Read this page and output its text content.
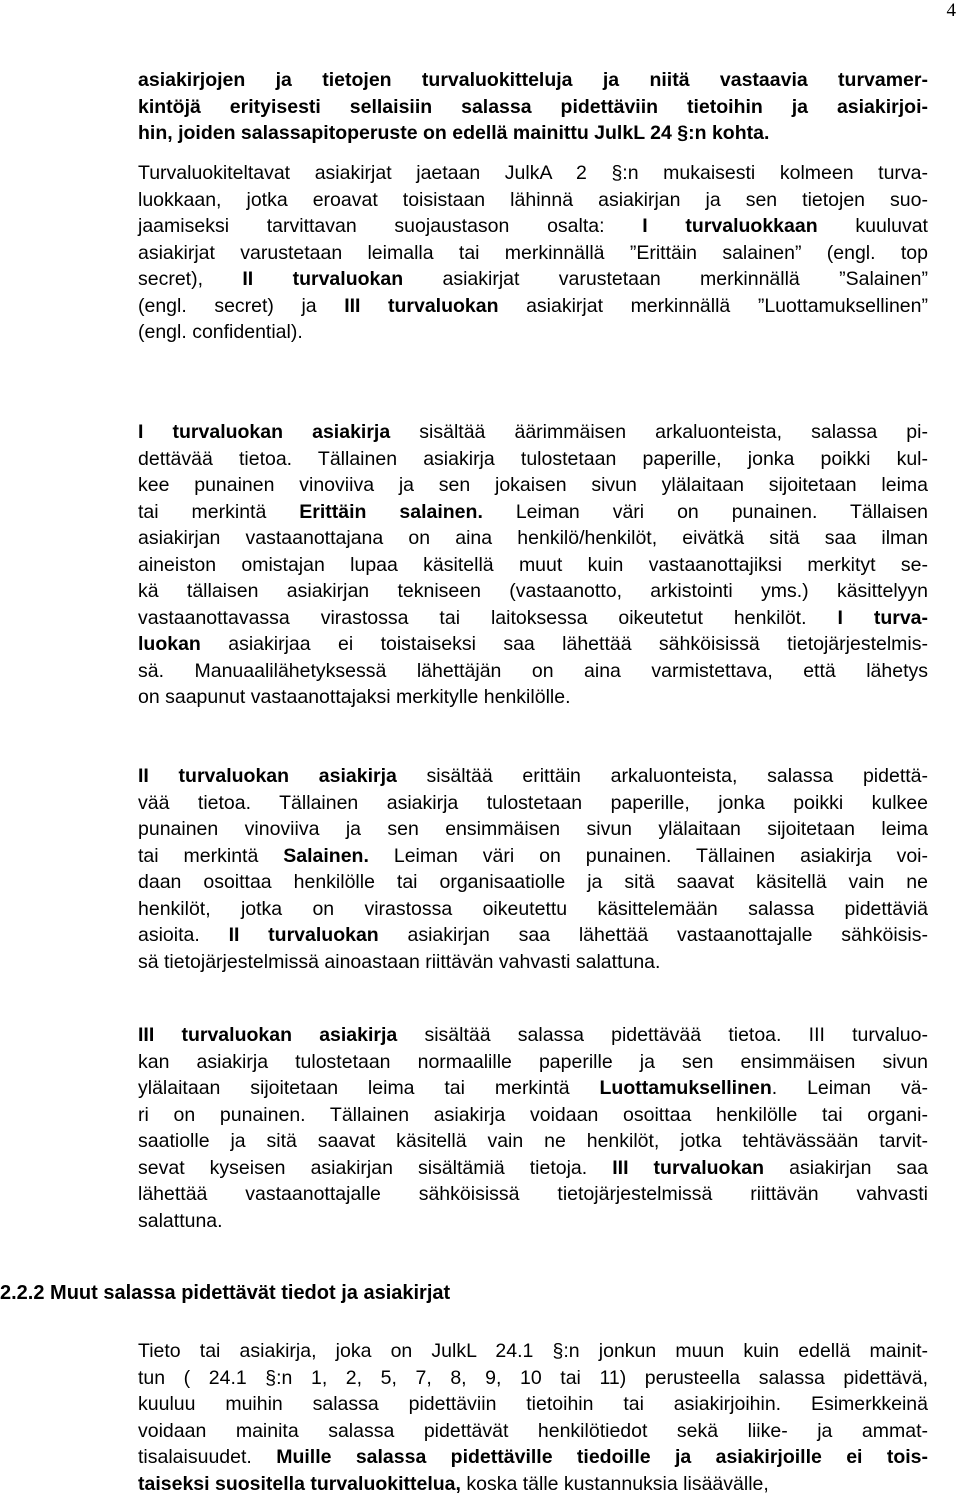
4
asiakirjojen ja tietojen turvaluokitteluja ja niitä vastaavia turvamer-
kintöjä erityisesti sellaisiin salassa pidettäviin tietoihin ja asiakirjoi-
hin, joiden salassapitoperuste on edellä mainittu JulkL 24 §:n kohta.
Turvaluokiteltavat asiakirjat jaetaan JulkA 2 §:n mukaisesti kolmeen turva-
luokkaan, jotka eroavat toisistaan lähinnä asiakirjan ja sen tietojen suo-
jaamiseksi tarvittavan suojaustason osalta: I turvaluokkaan kuuluvat
asiakirjat varustetaan leimalla tai merkinnällä ”Erittäin salainen” (engl. top
secret), II turvaluokan asiakirjat varustetaan merkinnällä ”Salainen”
(engl. secret) ja III turvaluokan asiakirjat merkinnällä ”Luottamuksellinen”
(engl. confidential).
I turvaluokan asiakirja sisältää äärimmäisen arkaluonteista, salassa pi-
dettävää tietoa. Tällainen asiakirja tulostetaan paperille, jonka poikki kul-
kee punainen vinoviiva ja sen jokaisen sivun ylälaitaan sijoitetaan leima
tai merkintä Erittäin salainen. Leiman väri on punainen. Tällaisen
asiakirjan vastaanottajana on aina henkilö/henkilöt, eivätkä sitä saa ilman
aineiston omistajan lupaa käsitellä muut kuin vastaanottajiksi merkityt se-
kä tällaisen asiakirjan tekniseen (vastaanotto, arkistointi yms.) käsittelyyn
vastaanottavassa virastossa tai laitoksessa oikeutetut henkilöt. I turva-
luokan asiakirjaa ei toistaiseksi saa lähettää sähköisissä tietojärjestelmis-
sä. Manuaalilähetyksessä lähettäjän on aina varmistettava, että lähetys
on saapunut vastaanottajaksi merkitylle henkilölle.
II turvaluokan asiakirja sisältää erittäin arkaluonteista, salassa pidettä-
vää tietoa. Tällainen asiakirja tulostetaan paperille, jonka poikki kulkee
punainen vinoviiva ja sen ensimmäisen sivun ylälaitaan sijoitetaan leima
tai merkintä Salainen. Leiman väri on punainen. Tällainen asiakirja voi-
daan osoittaa henkilölle tai organisaatiolle ja sitä saavat käsitellä vain ne
henkilöt, jotka on virastossa oikeutettu käsittelemään salassa pidettäviä
asioita. II turvaluokan asiakirjan saa lähettää vastaanottajalle sähköisis-
sä tietojärjestelmissä ainoastaan riittävän vahvasti salattuna.
III turvaluokan asiakirja sisältää salassa pidettävää tietoa. III turvaluo-
kan asiakirja tulostetaan normaalille paperille ja sen ensimmäisen sivun
ylälaitaan sijoitetaan leima tai merkintä Luottamuksellinen. Leiman vä-
ri on punainen. Tällainen asiakirja voidaan osoittaa henkilölle tai organi-
saatiolle ja sitä saavat käsitellä vain ne henkilöt, jotka tehtävässään tarvit-
sevat kyseisen asiakirjan sisältämiä tietoja. III turvaluokan asiakirjan saa
lähettää vastaanottajalle sähköisissä tietojärjestelmissä riittävän vahvasti
salattuna.
2.2.2 Muut salassa pidettävät tiedot ja asiakirjat
Tieto tai asiakirja, joka on JulkL 24.1 §:n jonkun muun kuin edellä mainit-
tun ( 24.1 §:n 1, 2, 5, 7, 8, 9, 10 tai 11) perusteella salassa pidettävä,
kuuluu muihin salassa pidettäviin tietoihin tai asiakirjoihin. Esimerkkeinä
voidaan mainita salassa pidettävät henkilötiedot sekä liike- ja ammat-
tisalaisuudet. Muille salassa pidettäville tiedoille ja asiakirjoille ei tois-
taiseksi suositella turvaluokittelua, koska tälle kustannuksia lisäävälle,
